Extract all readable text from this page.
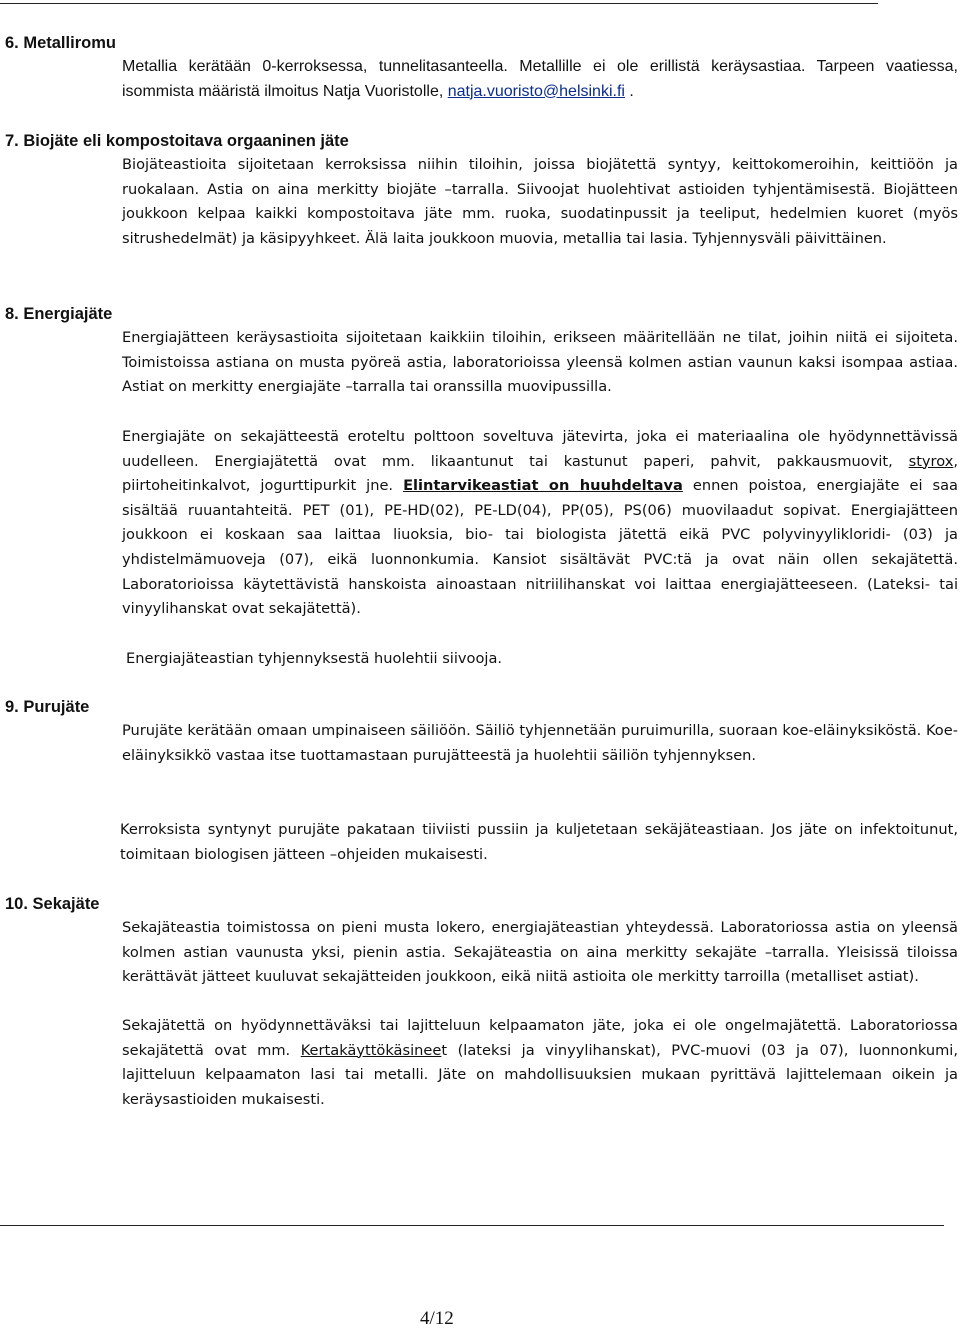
6. Metalliromu

Metallia kerätään 0-kerroksessa, tunnelitasanteella. Metallille ei ole erillistä keräysastiaa. Tarpeen vaatiessa, isommista määristä ilmoitus Natja Vuoristolle, natja.vuoristo@helsinki.fi .

7. Biojäte eli kompostoitava orgaaninen jäte

Biojäteastioita sijoitetaan kerroksissa niihin tiloihin, joissa biojätettä syntyy, keittokomeroihin, keittiöön ja ruokalaan. Astia on aina merkitty biojäte –tarralla. Siivoojat huolehtivat astioiden tyhjentämisestä. Biojätteen joukkoon kelpaa kaikki kompostoitava jäte mm. ruoka, suodatinpussit ja teeliput, hedelmien kuoret (myös sitrushedelmät) ja käsipyyhkeet. Älä laita joukkoon muovia, metallia tai lasia. Tyhjennysväli päivittäinen.

8. Energiajäte

Energiajätteen keräysastioita sijoitetaan kaikkiin tiloihin, erikseen määritellään ne tilat, joihin niitä ei sijoiteta. Toimistoissa astiana on musta pyöreä astia, laboratorioissa yleensä kolmen astian vaunun kaksi isompaa astiaa. Astiat on merkitty energiajäte –tarralla tai oranssilla muovipussilla.

Energiajäte on sekajätteestä eroteltu polttoon soveltuva jätevirta, joka ei materiaalina ole hyödynnettävissä uudelleen. Energiajätettä ovat mm. likaantunut tai kastunut paperi, pahvit, pakkausmuovit, styrox, piirtoheitinkalvot, jogurttipurkit jne. Elintarvikeastiat on huuhdeltava ennen poistoa, energiajäte ei saa sisältää ruuantahteitä. PET (01), PE-HD(02), PE-LD(04), PP(05), PS(06) muovilaadut sopivat. Energiajätteen joukkoon ei koskaan saa laittaa liuoksia, bio- tai biologista jätettä eikä PVC polyvinyylikloridi- (03) ja yhdistelmämuoveja (07), eikä luonnonkumia. Kansiot sisältävät PVC:tä ja ovat näin ollen sekajätettä. Laboratorioissa käytettävistä hanskoista ainoastaan nitriilihanskat voi laittaa energiajätteeseen. (Lateksi- tai vinyylihanskat ovat sekajätettä).

Energiajäteastian tyhjennyksestä huolehtii siivooja.

9. Purujäte

Purujäte kerätään omaan umpinaiseen säiliöön. Säiliö tyhjennetään puruimurilla, suoraan koe-eläinyksiköstä. Koe-eläinyksikkö vastaa itse tuottamastaan purujätteestä ja huolehtii säiliön tyhjennyksen.

Kerroksista syntynyt purujäte pakataan tiiviisti pussiin ja kuljetetaan sekäjäteastiaan. Jos jäte on infektoitunut, toimitaan biologisen jätteen –ohjeiden mukaisesti.

10. Sekajäte

Sekajäteastia toimistossa on pieni musta lokero, energiajäteastian yhteydessä. Laboratoriossa astia on yleensä kolmen astian vaunusta yksi, pienin astia. Sekajäteastia on aina merkitty sekajäte –tarralla. Yleisissä tiloissa kerättävät jätteet kuuluvat sekajätteiden joukkoon, eikä niitä astioita ole merkitty tarroilla (metalliset astiat).

Sekajätettä on hyödynnettäväksi tai lajitteluun kelpaamaton jäte, joka ei ole ongelmajätettä. Laboratoriossa sekajätettä ovat mm. Kertakäyttökäsineet (lateksi ja vinyylihanskat), PVC-muovi (03 ja 07), luonnonkumi, lajitteluun kelpaamaton lasi tai metalli. Jäte on mahdollisuuksien mukaan pyrittävä lajittelemaan oikein ja keräysastioiden mukaisesti.

4/12
